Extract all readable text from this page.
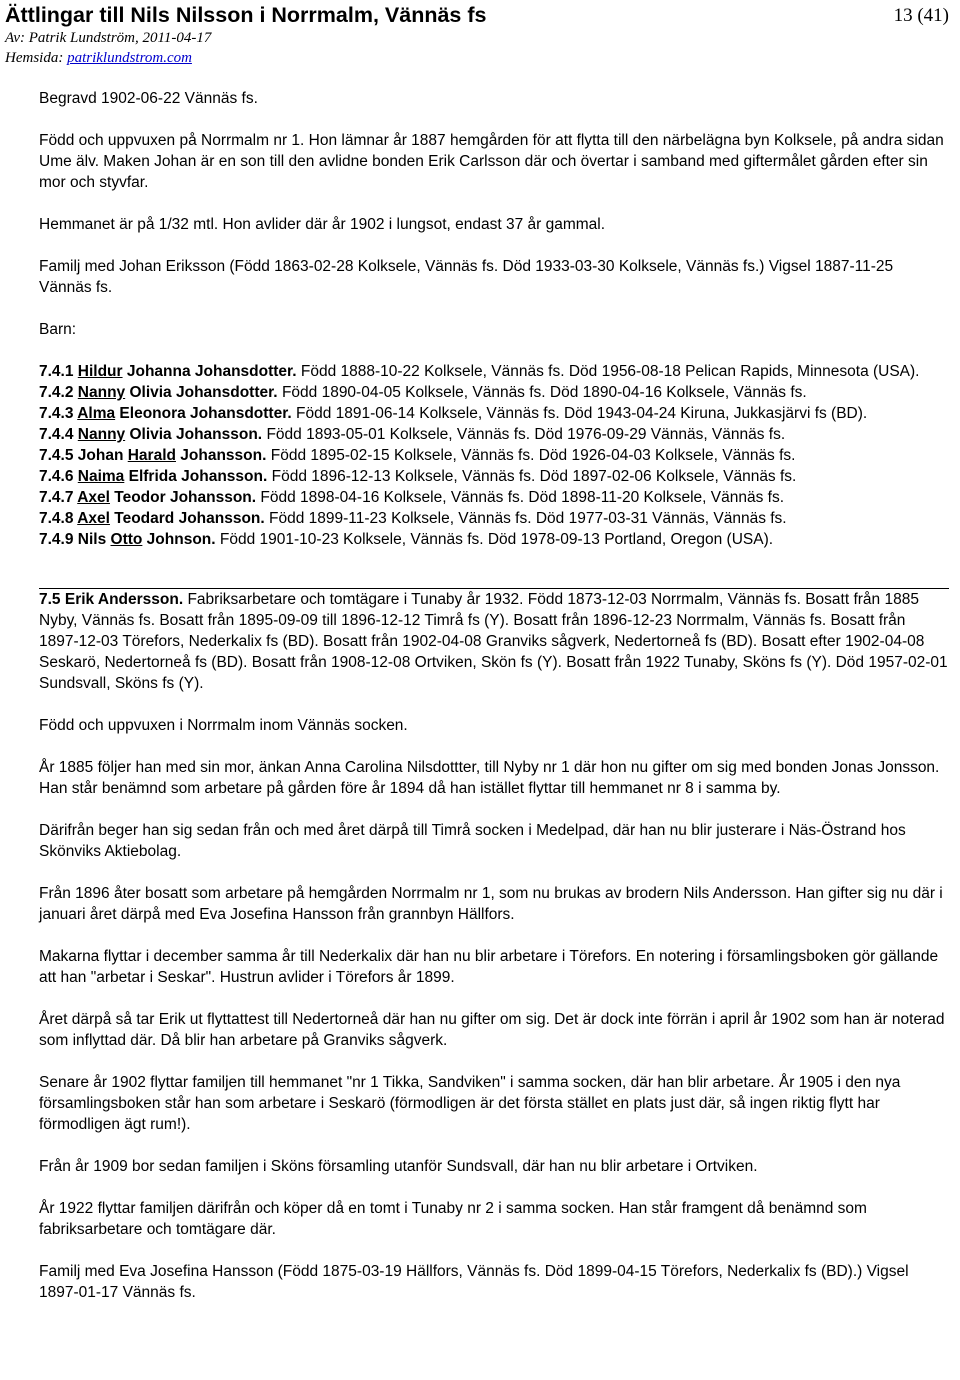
Ättlingar till Nils Nilsson i Norrmalm, Vännäs fs	13 (41)
Av: Patrik Lundström, 2011-04-17
Hemsida: patriklundstrom.com

Begravd 1902-06-22 Vännäs fs.

Född och uppvuxen på Norrmalm nr 1. Hon lämnar år 1887 hemgården för att flytta till den närbelägna byn Kolksele, på andra sidan Ume älv. Maken Johan är en son till den avlidne bonden Erik Carlsson där och övertar i samband med giftermålet gården efter sin mor och styvfar.

Hemmanet är på 1/32 mtl. Hon avlider där år 1902 i lungsot, endast 37 år gammal.

Familj med Johan Eriksson (Född 1863-02-28 Kolksele, Vännäs fs. Död 1933-03-30 Kolksele, Vännäs fs.) Vigsel 1887-11-25 Vännäs fs.

Barn:

7.4.1 Hildur Johanna Johansdotter. Född 1888-10-22 Kolksele, Vännäs fs. Död 1956-08-18 Pelican Rapids, Minnesota (USA).

7.4.2 Nanny Olivia Johansdotter. Född 1890-04-05 Kolksele, Vännäs fs. Död 1890-04-16 Kolksele, Vännäs fs.

7.4.3 Alma Eleonora Johansdotter. Född 1891-06-14 Kolksele, Vännäs fs. Död 1943-04-24 Kiruna, Jukkasjärvi fs (BD).

7.4.4 Nanny Olivia Johansson. Född 1893-05-01 Kolksele, Vännäs fs. Död 1976-09-29 Vännäs, Vännäs fs.

7.4.5 Johan Harald Johansson. Född 1895-02-15 Kolksele, Vännäs fs. Död 1926-04-03 Kolksele, Vännäs fs.

7.4.6 Naima Elfrida Johansson. Född 1896-12-13 Kolksele, Vännäs fs. Död 1897-02-06 Kolksele, Vännäs fs.

7.4.7 Axel Teodor Johansson. Född 1898-04-16 Kolksele, Vännäs fs. Död 1898-11-20 Kolksele, Vännäs fs.

7.4.8 Axel Teodard Johansson. Född 1899-11-23 Kolksele, Vännäs fs. Död 1977-03-31 Vännäs, Vännäs fs.

7.4.9 Nils Otto Johnson. Född 1901-10-23 Kolksele, Vännäs fs. Död 1978-09-13 Portland, Oregon (USA).

7.5 Erik Andersson. Fabriksarbetare och tomtägare i Tunaby år 1932. Född 1873-12-03 Norrmalm, Vännäs fs. Bosatt från 1885 Nyby, Vännäs fs. Bosatt från 1895-09-09 till 1896-12-12 Timrå fs (Y). Bosatt från 1896-12-23 Norrmalm, Vännäs fs. Bosatt från 1897-12-03 Törefors, Nederkalix fs (BD). Bosatt från 1902-04-08 Granviks sågverk, Nedertorneå fs (BD). Bosatt efter 1902-04-08 Seskarö, Nedertorneå fs (BD). Bosatt från 1908-12-08 Ortviken, Skön fs (Y). Bosatt från 1922 Tunaby, Sköns fs (Y). Död 1957-02-01 Sundsvall, Sköns fs (Y).

Född och uppvuxen i Norrmalm inom Vännäs socken.

År 1885 följer han med sin mor, änkan Anna Carolina Nilsdottter, till Nyby nr 1 där hon nu gifter om sig med bonden Jonas Jonsson. Han står benämnd som arbetare på gården före år 1894 då han istället flyttar till hemmanet nr 8 i samma by.

Därifrån beger han sig sedan från och med året därpå till Timrå socken i Medelpad, där han nu blir justerare i Näs-Östrand hos Skönviks Aktiebolag.

Från 1896 åter bosatt som arbetare på hemgården Norrmalm nr 1, som nu brukas av brodern Nils Andersson. Han gifter sig nu där i januari året därpå med Eva Josefina Hansson från grannbyn Hällfors.

Makarna flyttar i december samma år till Nederkalix där han nu blir arbetare i Törefors. En notering i församlingsboken gör gällande att han "arbetar i Seskar". Hustrun avlider i Törefors år 1899.

Året därpå så tar Erik ut flyttattest till Nedertorneå där han nu gifter om sig. Det är dock inte förrän i april år 1902 som han är noterad som inflyttad där. Då blir han arbetare på Granviks sågverk.

Senare år 1902 flyttar familjen till hemmanet "nr 1 Tikka, Sandviken" i samma socken, där han blir arbetare. År 1905 i den nya församlingsboken står han som arbetare i Seskarö (förmodligen är det första stället en plats just där, så ingen riktig flytt har förmodligen ägt rum!).

Från år 1909 bor sedan familjen i Sköns församling utanför Sundsvall, där han nu blir arbetare i Ortviken.

År 1922 flyttar familjen därifrån och köper då en tomt i Tunaby nr 2 i samma socken. Han står framgent då benämnd som fabriksarbetare och tomtägare där.

Familj med Eva Josefina Hansson (Född 1875-03-19 Hällfors, Vännäs fs. Död 1899-04-15 Törefors, Nederkalix fs (BD).) Vigsel 1897-01-17 Vännäs fs.
